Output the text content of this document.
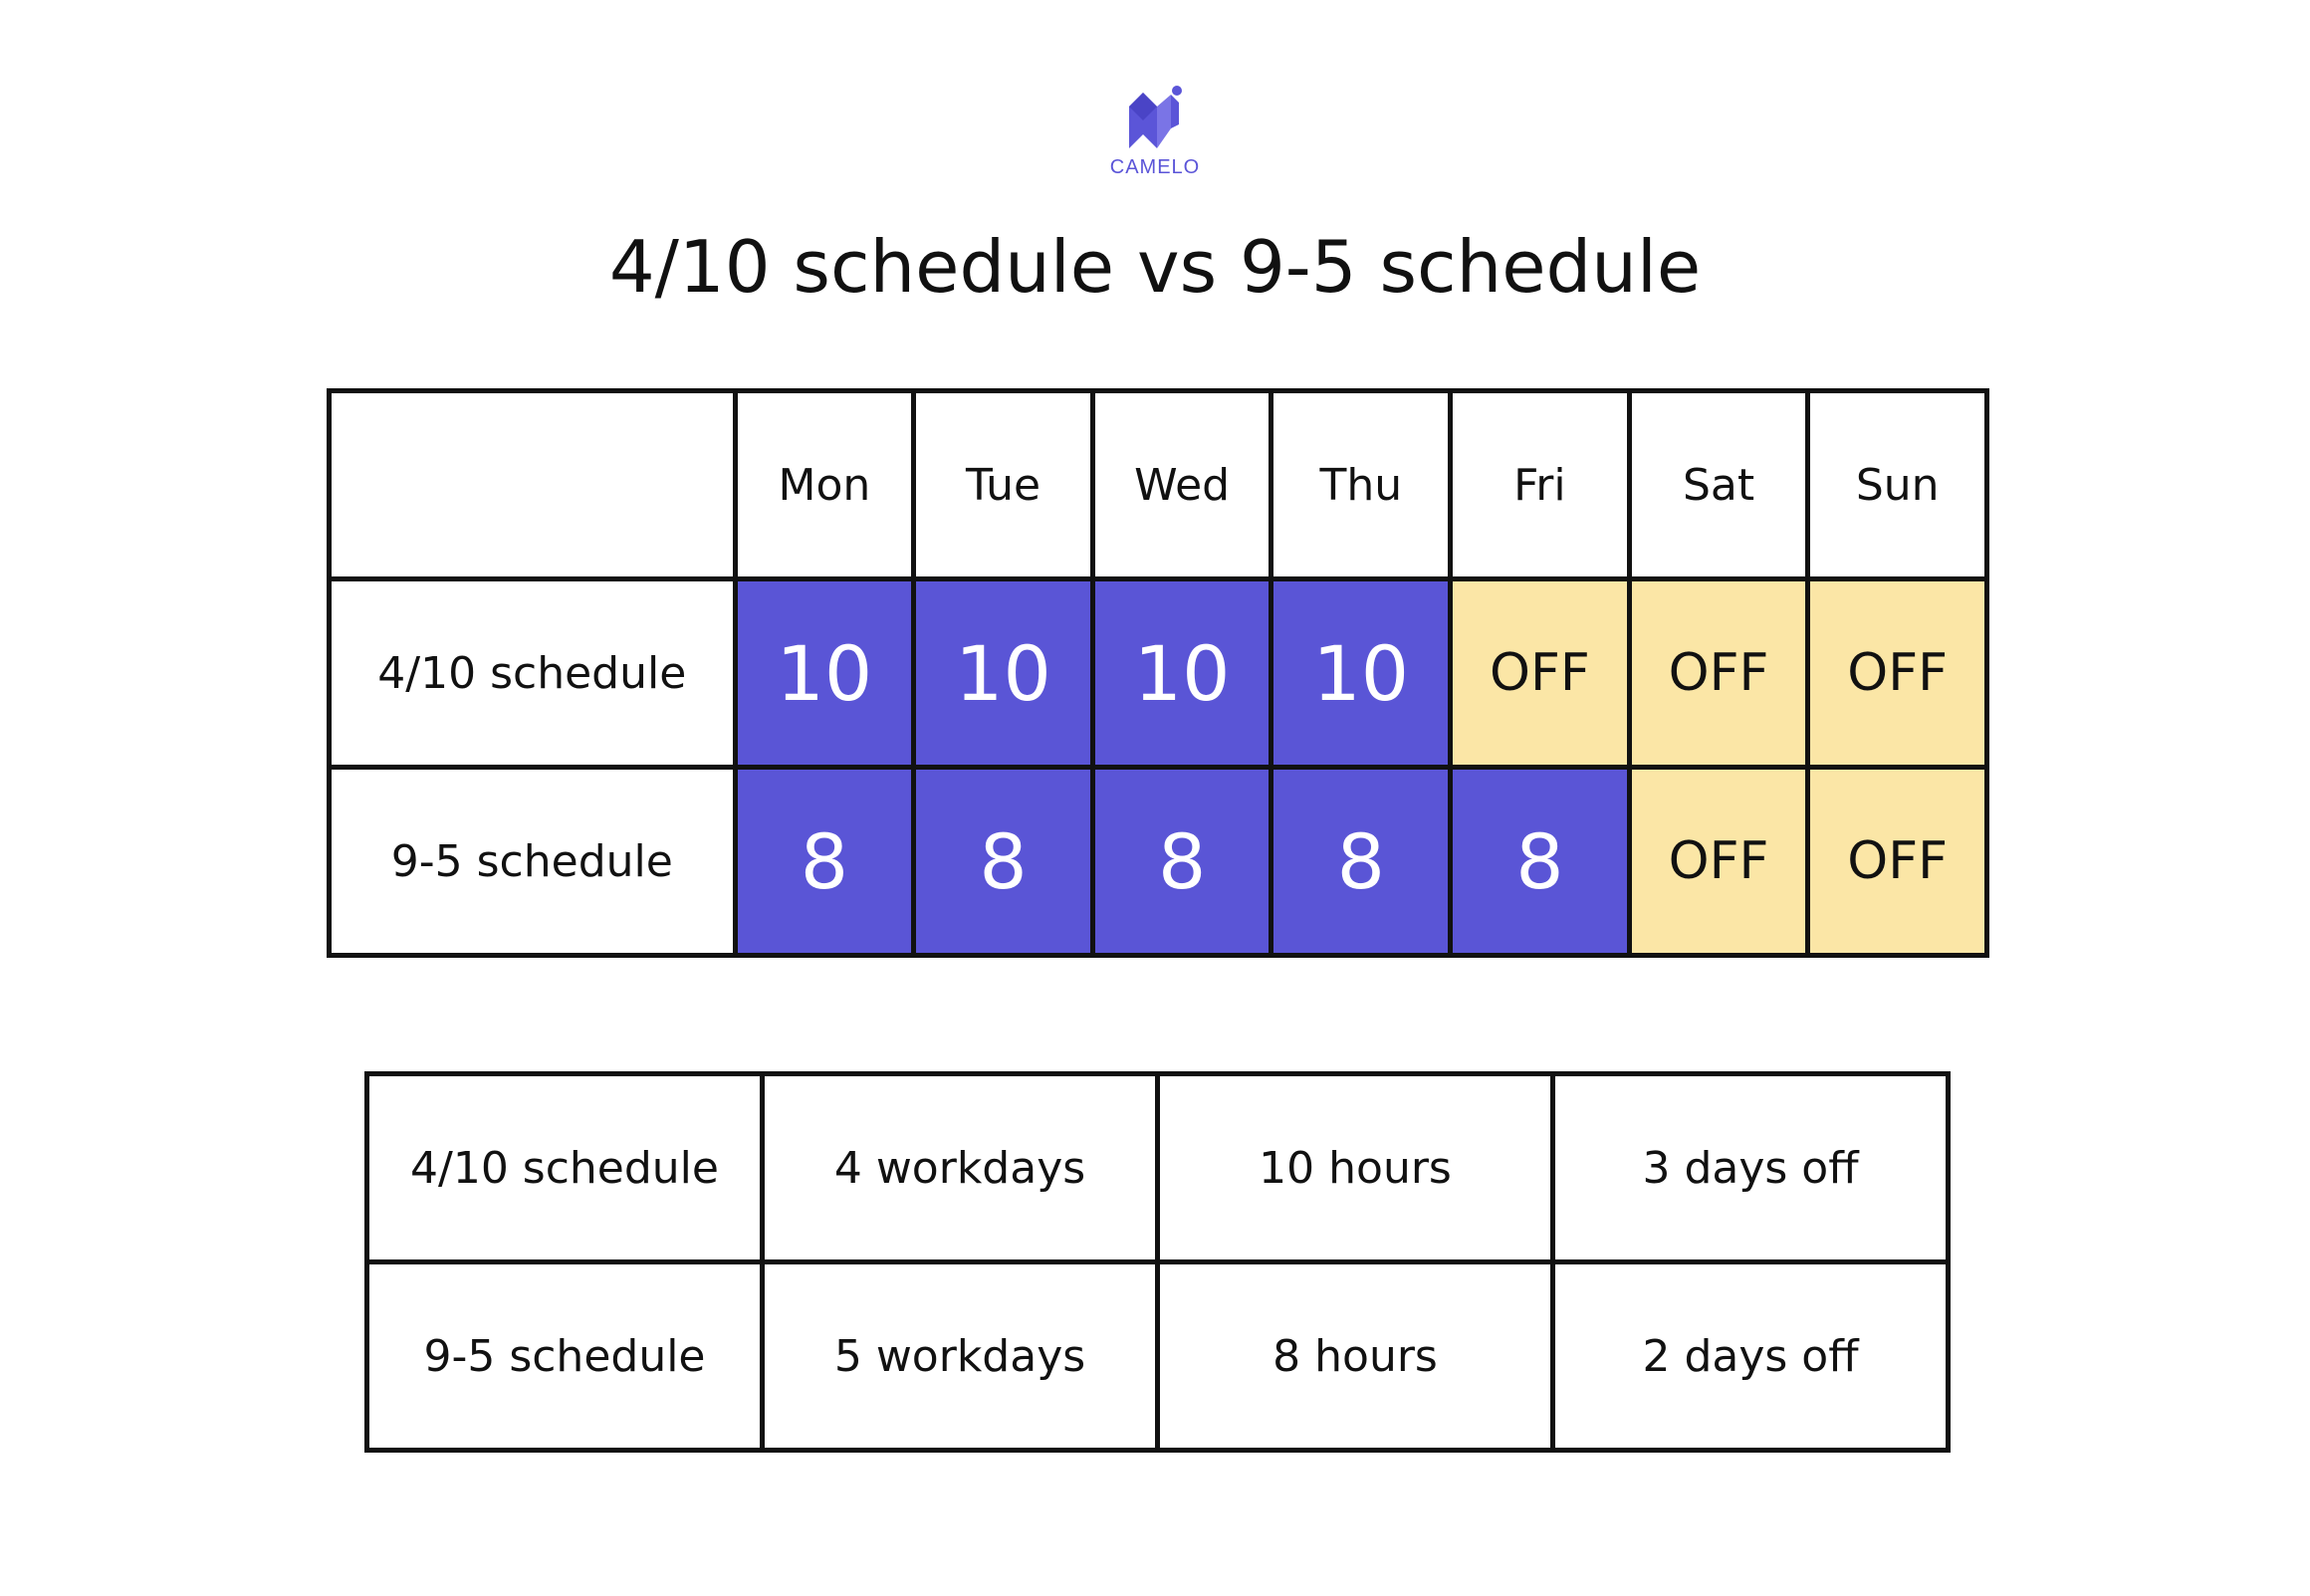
CAMELO
4/10 schedule vs 9-5 schedule
	Mon	Tue	Wed	Thu	Fri	Sat	Sun
4/10 schedule	10	10	10	10	OFF	OFF	OFF
9-5 schedule	8	8	8	8	8	OFF	OFF
4/10 schedule	4 workdays	10 hours	3 days off
9-5 schedule	5 workdays	8 hours	2 days off
